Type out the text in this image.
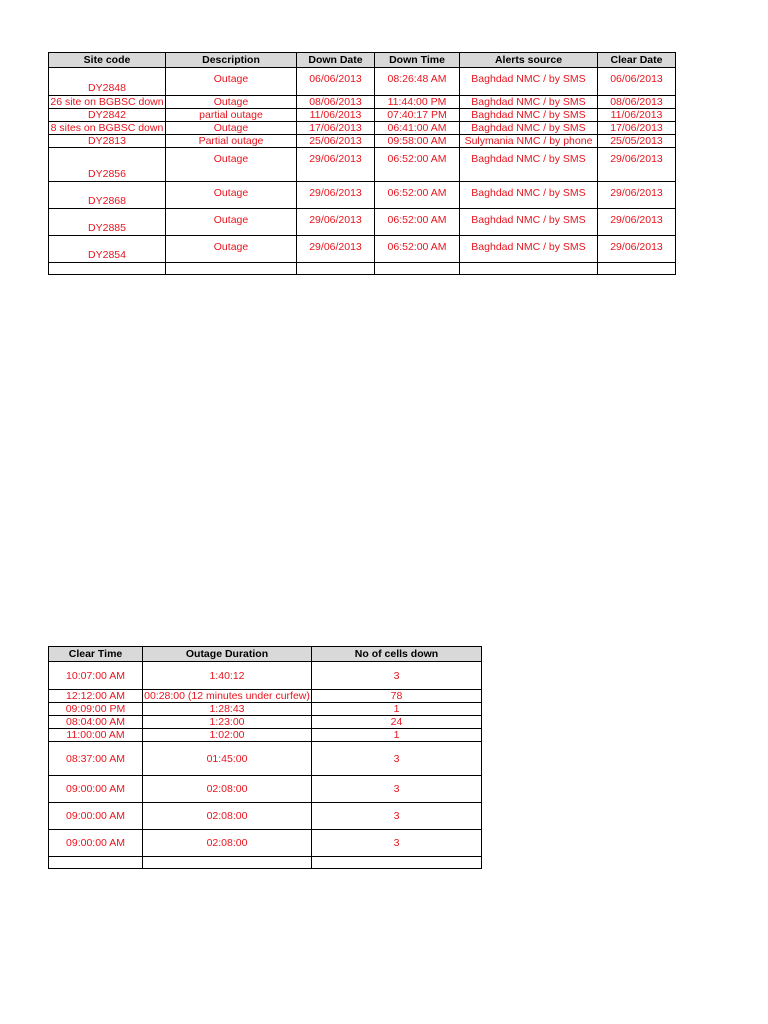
Site code	Description	Down Date	Down Time	Alerts source	Clear Date
DY2848	Outage	06/06/2013	08:26:48 AM	Baghdad NMC / by SMS	06/06/2013
26 site on BGBSC down	Outage	08/06/2013	11:44:00 PM	Baghdad NMC / by SMS	08/06/2013
DY2842	partial outage	11/06/2013	07:40:17 PM	Baghdad NMC / by SMS	11/06/2013
8 sites on BGBSC down	Outage	17/06/2013	06:41:00 AM	Baghdad NMC / by SMS	17/06/2013
DY2813	Partial outage	25/06/2013	09:58:00 AM	Sulymania NMC / by phone	25/05/2013
DY2856	Outage	29/06/2013	06:52:00 AM	Baghdad NMC / by SMS	29/06/2013
DY2868	Outage	29/06/2013	06:52:00 AM	Baghdad NMC / by SMS	29/06/2013
DY2885	Outage	29/06/2013	06:52:00 AM	Baghdad NMC / by SMS	29/06/2013
DY2854	Outage	29/06/2013	06:52:00 AM	Baghdad NMC / by SMS	29/06/2013

Clear Time	Outage Duration	No of cells down
10:07:00 AM	1:40:12	3
12:12:00 AM	00:28:00 (12 minutes under curfew)	78
09:09:00 PM	1:28:43	1
08:04:00 AM	1:23:00	24
11:00:00 AM	1:02:00	1
08:37:00 AM	01:45:00	3
09:00:00 AM	02:08:00	3
09:00:00 AM	02:08:00	3
09:00:00 AM	02:08:00	3
